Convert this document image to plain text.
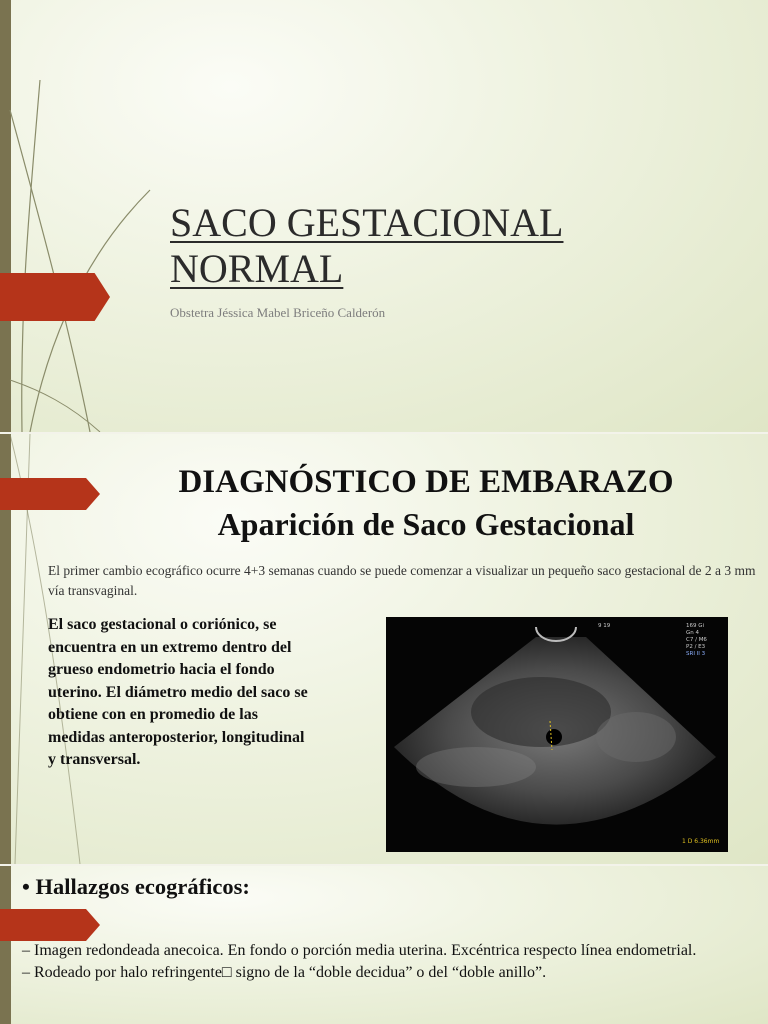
SACO GESTACIONAL NORMAL
Obstetra Jéssica Mabel Briceño Calderón
DIAGNÓSTICO DE EMBARAZO
Aparición de Saco Gestacional

El primer cambio ecográfico ocurre 4+3 semanas cuando se puede comenzar a visualizar un pequeño saco gestacional de 2 a 3 mm vía transvaginal.

El saco gestacional o coriónico, se encuentra en un extremo dentro del grueso endometrio hacia el fondo uterino. El diámetro medio del saco se obtiene con en promedio de las medidas anteroposterior, longitudinal y transversal.

169 Gi
Gn 4
C7 / M6
P2 / E3
SRI II 3
9 19
1 D 6.36mm
• Hallazgos ecográficos:
– Imagen redondeada anecoica. En fondo o porción media uterina. Excéntrica respecto línea endometrial.
– Rodeado por halo refringente□ signo de la “doble decidua” o del “doble anillo”.
